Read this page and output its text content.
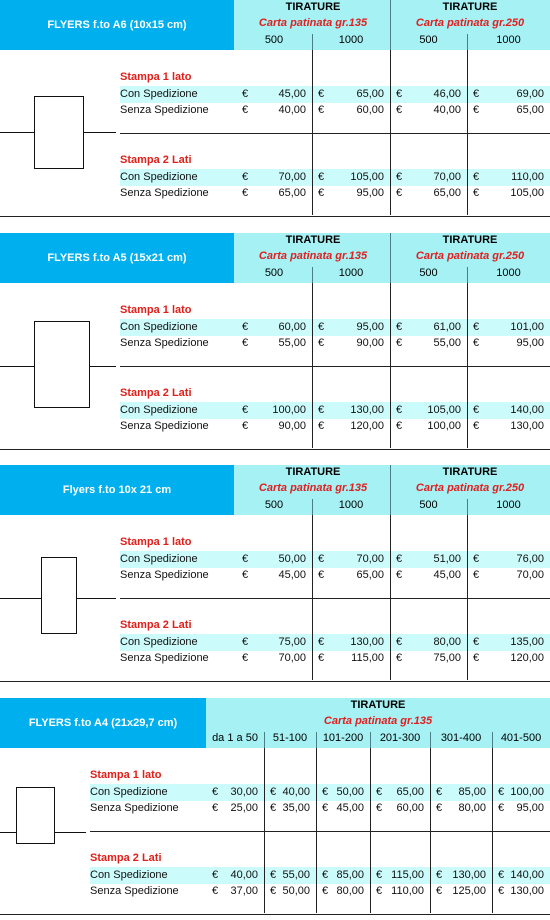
FLYERS f.to A6 (10x15 cm)
TIRATURE
Carta patinata gr.135
TIRATURE
Carta patinata gr.250
500	1000	500	1000
Stampa 1 lato
Con Spedizione	€	45,00 €	65,00 €	46,00 €	69,00
Senza Spedizione	€	40,00 €	60,00 €	40,00 €	65,00
Stampa 2 Lati
Con Spedizione	€	70,00 €	105,00 €	70,00 €	110,00
Senza Spedizione	€	65,00 €	95,00 €	65,00 €	105,00
FLYERS f.to A5 (15x21 cm)
TIRATURE
Carta patinata gr.135
TIRATURE
Carta patinata gr.250
500	1000	500	1000
Stampa 1 lato
Con Spedizione	€	60,00 €	95,00 €	61,00 €	101,00
Senza Spedizione	€	55,00 €	90,00 €	55,00 €	95,00
Stampa 2 Lati
Con Spedizione	€	100,00 €	130,00 €	105,00 €	140,00
Senza Spedizione	€	90,00 €	120,00 €	100,00 €	130,00
Flyers f.to 10x 21 cm
TIRATURE
Carta patinata gr.135
TIRATURE
Carta patinata gr.250
500	1000	500	1000
Stampa 1 lato
Con Spedizione	€	50,00 €	70,00 €	51,00 €	76,00
Senza Spedizione	€	45,00 €	65,00 €	45,00 €	70,00
Stampa 2 Lati
Con Spedizione	€	75,00 €	130,00 €	80,00 €	135,00
Senza Spedizione	€	70,00 €	115,00 €	75,00 €	120,00
FLYERS f.to A4 (21x29,7 cm)
TIRATURE
Carta patinata gr.135
da 1 a 50	51-100	101-200	201-300	301-400	401-500
Stampa 1 lato
Con Spedizione	€	30,00 € 40,00 € 50,00 €	65,00 €	85,00 € 100,00
Senza Spedizione	€	25,00 € 35,00 € 45,00 €	60,00 €	80,00 €	95,00
Stampa 2 Lati
Con Spedizione	€	40,00 € 55,00 € 85,00 € 115,00 € 130,00 € 140,00
Senza Spedizione	€	37,00 € 50,00 € 80,00 € 110,00 € 125,00 € 130,00
